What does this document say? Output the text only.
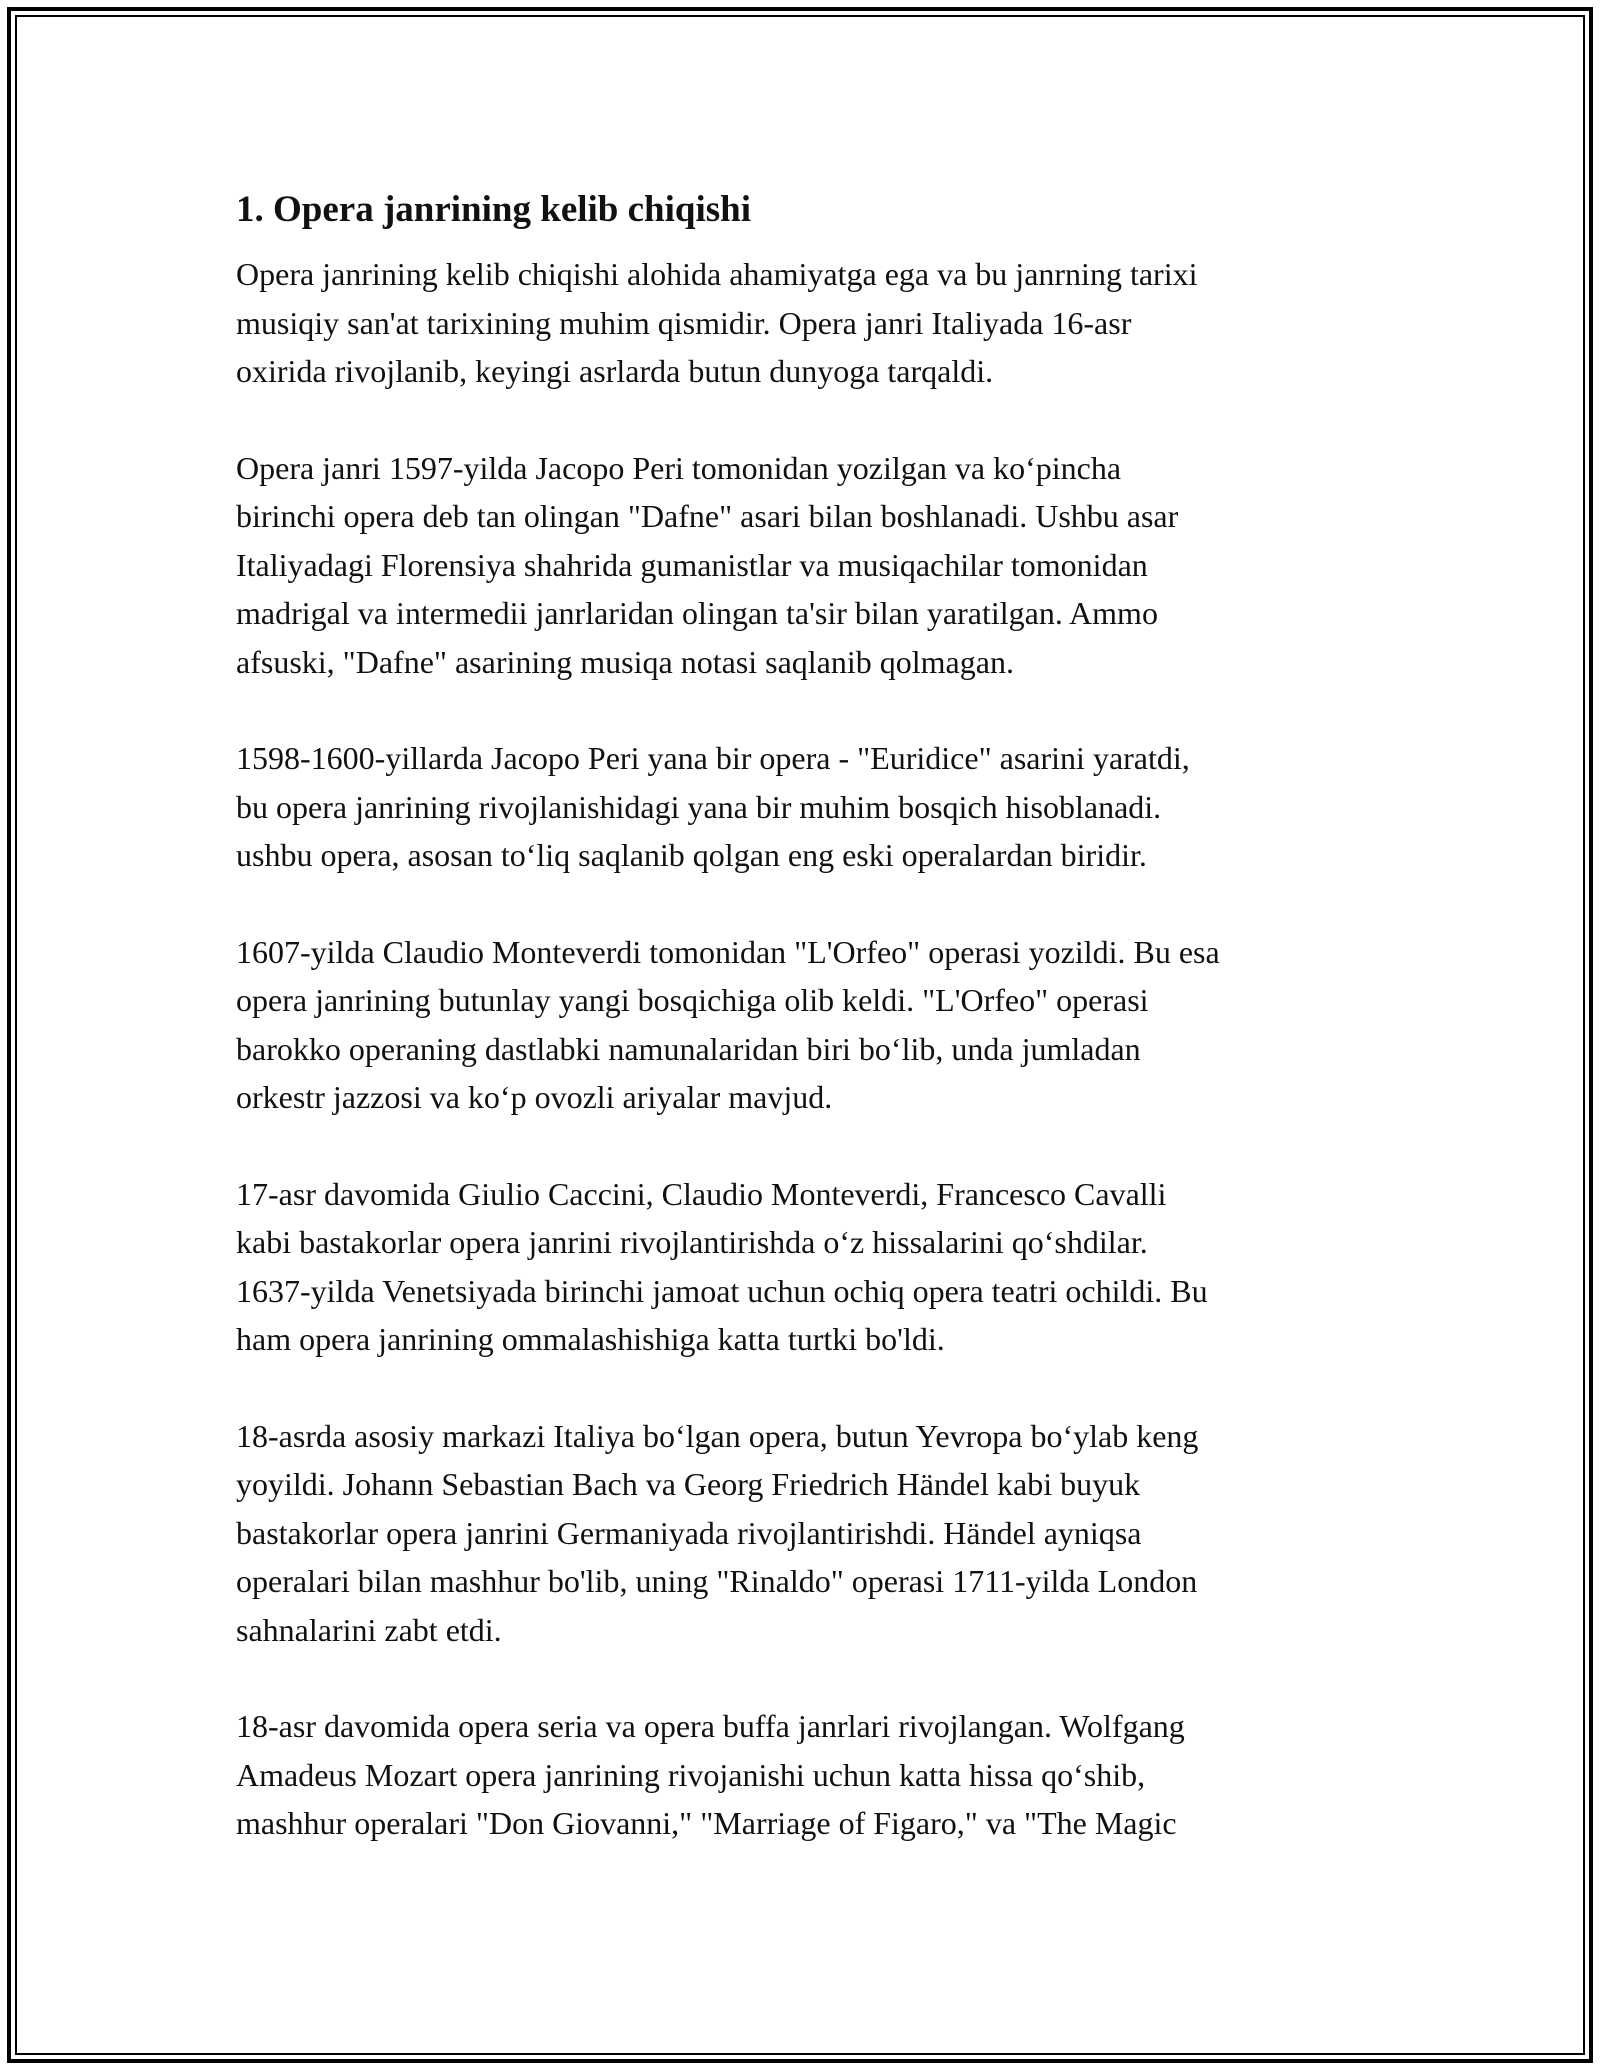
1. Opera janrining kelib chiqishi

Opera janrining kelib chiqishi alohida ahamiyatga ega va bu janrning tarixi
musiqiy san'at tarixining muhim qismidir. Opera janri Italiyada 16-asr
oxirida rivojlanib, keyingi asrlarda butun dunyoga tarqaldi.

Opera janri 1597-yilda Jacopo Peri tomonidan yozilgan va koʻpincha
birinchi opera deb tan olingan "Dafne" asari bilan boshlanadi. Ushbu asar
Italiyadagi Florensiya shahrida gumanistlar va musiqachilar tomonidan
madrigal va intermedii janrlaridan olingan ta'sir bilan yaratilgan. Ammo
afsuski, "Dafne" asarining musiqa notasi saqlanib qolmagan.

1598-1600-yillarda Jacopo Peri yana bir opera - "Euridice" asarini yaratdi,
bu opera janrining rivojlanishidagi yana bir muhim bosqich hisoblanadi.
ushbu opera, asosan toʻliq saqlanib qolgan eng eski operalardan biridir.

1607-yilda Claudio Monteverdi tomonidan "L'Orfeo" operasi yozildi. Bu esa
opera janrining butunlay yangi bosqichiga olib keldi. "L'Orfeo" operasi
barokko operaning dastlabki namunalaridan biri boʻlib, unda jumladan
orkestr jazzosi va koʻp ovozli ariyalar mavjud.

17-asr davomida Giulio Caccini, Claudio Monteverdi, Francesco Cavalli
kabi bastakorlar opera janrini rivojlantirishda oʻz hissalarini qoʻshdilar.
1637-yilda Venetsiyada birinchi jamoat uchun ochiq opera teatri ochildi. Bu
ham opera janrining ommalashishiga katta turtki bo'ldi.

18-asrda asosiy markazi Italiya boʻlgan opera, butun Yevropa boʻylab keng
yoyildi. Johann Sebastian Bach va Georg Friedrich Händel kabi buyuk
bastakorlar opera janrini Germaniyada rivojlantirishdi. Händel ayniqsa
operalari bilan mashhur bo'lib, uning "Rinaldo" operasi 1711-yilda London
sahnalarini zabt etdi.

18-asr davomida opera seria va opera buffa janrlari rivojlangan. Wolfgang
Amadeus Mozart opera janrining rivojanishi uchun katta hissa qoʻshib,
mashhur operalari "Don Giovanni," "Marriage of Figaro," va "The Magic
